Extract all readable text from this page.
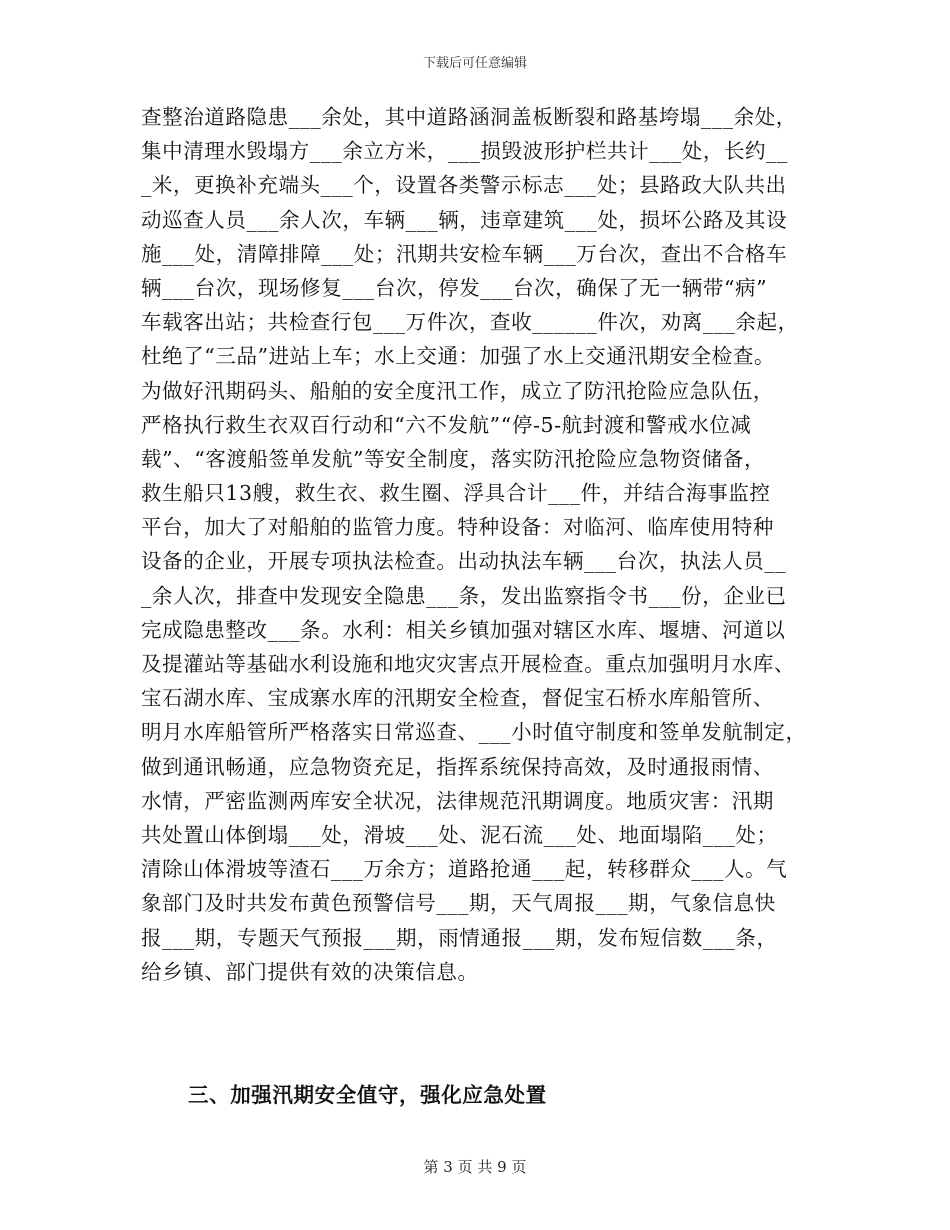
下载后可任意编辑
查整治道路隐患___余处，其中道路涵洞盖板断裂和路基垮塌___余处，
集中清理水毁塌方___余立方米，___损毁波形护栏共计___处，长约__
_米，更换补充端头___个，设置各类警示标志___处；县路政大队共出
动巡查人员___余人次，车辆___辆，违章建筑___处，损坏公路及其设
施___处，清障排障___处；汛期共安检车辆___万台次，查出不合格车
辆___台次，现场修复___台次，停发___台次，确保了无一辆带“病”
车载客出站；共检查行包___万件次，查收______件次，劝离___余起，
杜绝了“三品”进站上车；水上交通：加强了水上交通汛期安全检查。
为做好汛期码头、船舶的安全度汛工作，成立了防汛抢险应急队伍，
严格执行救生衣双百行动和“六不发航”“停-5-航封渡和警戒水位减
载”、“客渡船签单发航”等安全制度，落实防汛抢险应急物资储备，
救生船只13艘，救生衣、救生圈、浮具合计___件，并结合海事监控
平台，加大了对船舶的监管力度。特种设备：对临河、临库使用特种
设备的企业，开展专项执法检查。出动执法车辆___台次，执法人员__
_余人次，排查中发现安全隐患___条，发出监察指令书___份，企业已
完成隐患整改___条。水利：相关乡镇加强对辖区水库、堰塘、河道以
及提灌站等基础水利设施和地灾灾害点开展检查。重点加强明月水库、
宝石湖水库、宝成寨水库的汛期安全检查，督促宝石桥水库船管所、
明月水库船管所严格落实日常巡查、___小时值守制度和签单发航制定，
做到通讯畅通，应急物资充足，指挥系统保持高效，及时通报雨情、
水情，严密监测两库安全状况，法律规范汛期调度。地质灾害：汛期
共处置山体倒塌___处，滑坡___处、泥石流___处、地面塌陷___处；
清除山体滑坡等渣石___万余方；道路抢通___起，转移群众___人。气
象部门及时共发布黄色预警信号___期，天气周报___期，气象信息快
报___期，专题天气预报___期，雨情通报___期，发布短信数___条，
给乡镇、部门提供有效的决策信息。
三、加强汛期安全值守，强化应急处置
第 3 页 共 9 页
